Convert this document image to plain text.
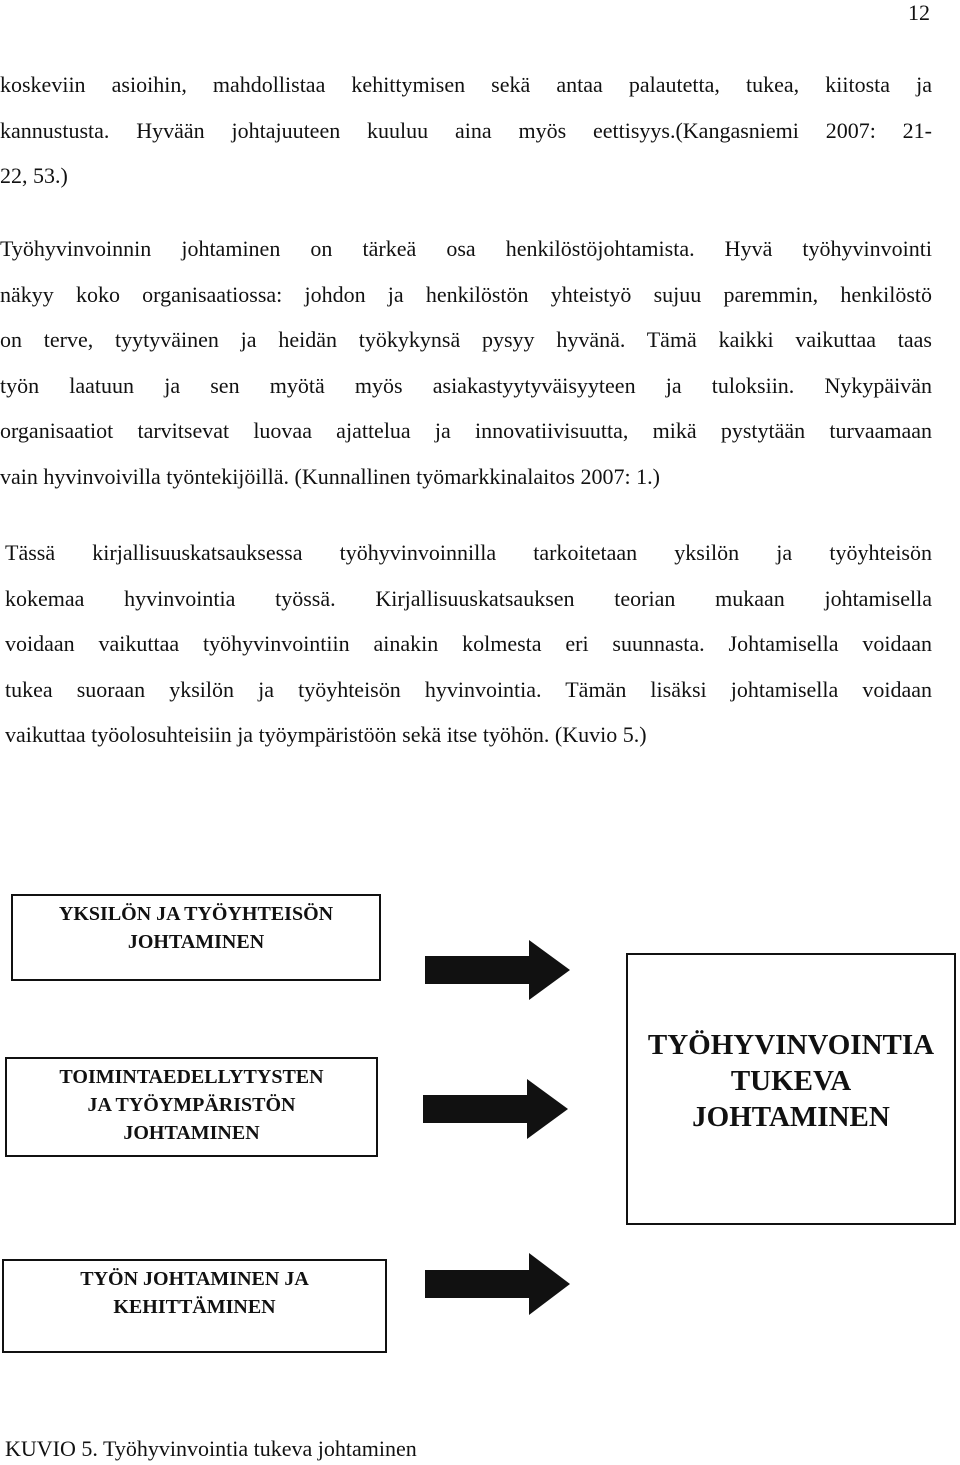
12
koskeviin asioihin, mahdollistaa kehittymisen sekä antaa palautetta, tukea, kiitosta ja
kannustusta. Hyvään johtajuuteen kuuluu aina myös eettisyys.(Kangasniemi 2007: 21-
22, 53.)
Työhyvinvoinnin johtaminen on tärkeä osa henkilöstöjohtamista. Hyvä työhyvinvointi
näkyy koko organisaatiossa: johdon ja henkilöstön yhteistyö sujuu paremmin, henkilöstö
on terve, tyytyväinen ja heidän työkykynsä pysyy hyvänä. Tämä kaikki vaikuttaa taas
työn laatuun ja sen myötä myös asiakastyytyväisyyteen ja tuloksiin. Nykypäivän
organisaatiot tarvitsevat luovaa ajattelua ja innovatiivisuutta, mikä pystytään turvaamaan
vain hyvinvoivilla työntekijöillä. (Kunnallinen työmarkkinalaitos 2007: 1.)
Tässä kirjallisuuskatsauksessa työhyvinvoinnilla tarkoitetaan yksilön ja työyhteisön
kokemaa hyvinvointia työssä. Kirjallisuuskatsauksen teorian mukaan johtamisella
voidaan vaikuttaa työhyvinvointiin ainakin kolmesta eri suunnasta. Johtamisella voidaan
tukea suoraan yksilön ja työyhteisön hyvinvointia. Tämän lisäksi johtamisella voidaan
vaikuttaa työolosuhteisiin ja työympäristöön sekä itse työhön. (Kuvio 5.)
YKSILÖN JA TYÖYHTEISÖN
JOHTAMINEN
TOIMINTAEDELLYTYSTEN
JA TYÖYMPÄRISTÖN
JOHTAMINEN
TYÖN JOHTAMINEN JA
KEHITTÄMINEN
TYÖHYVINVOINTIA
TUKEVA
JOHTAMINEN
KUVIO 5. Työhyvinvointia tukeva johtaminen
